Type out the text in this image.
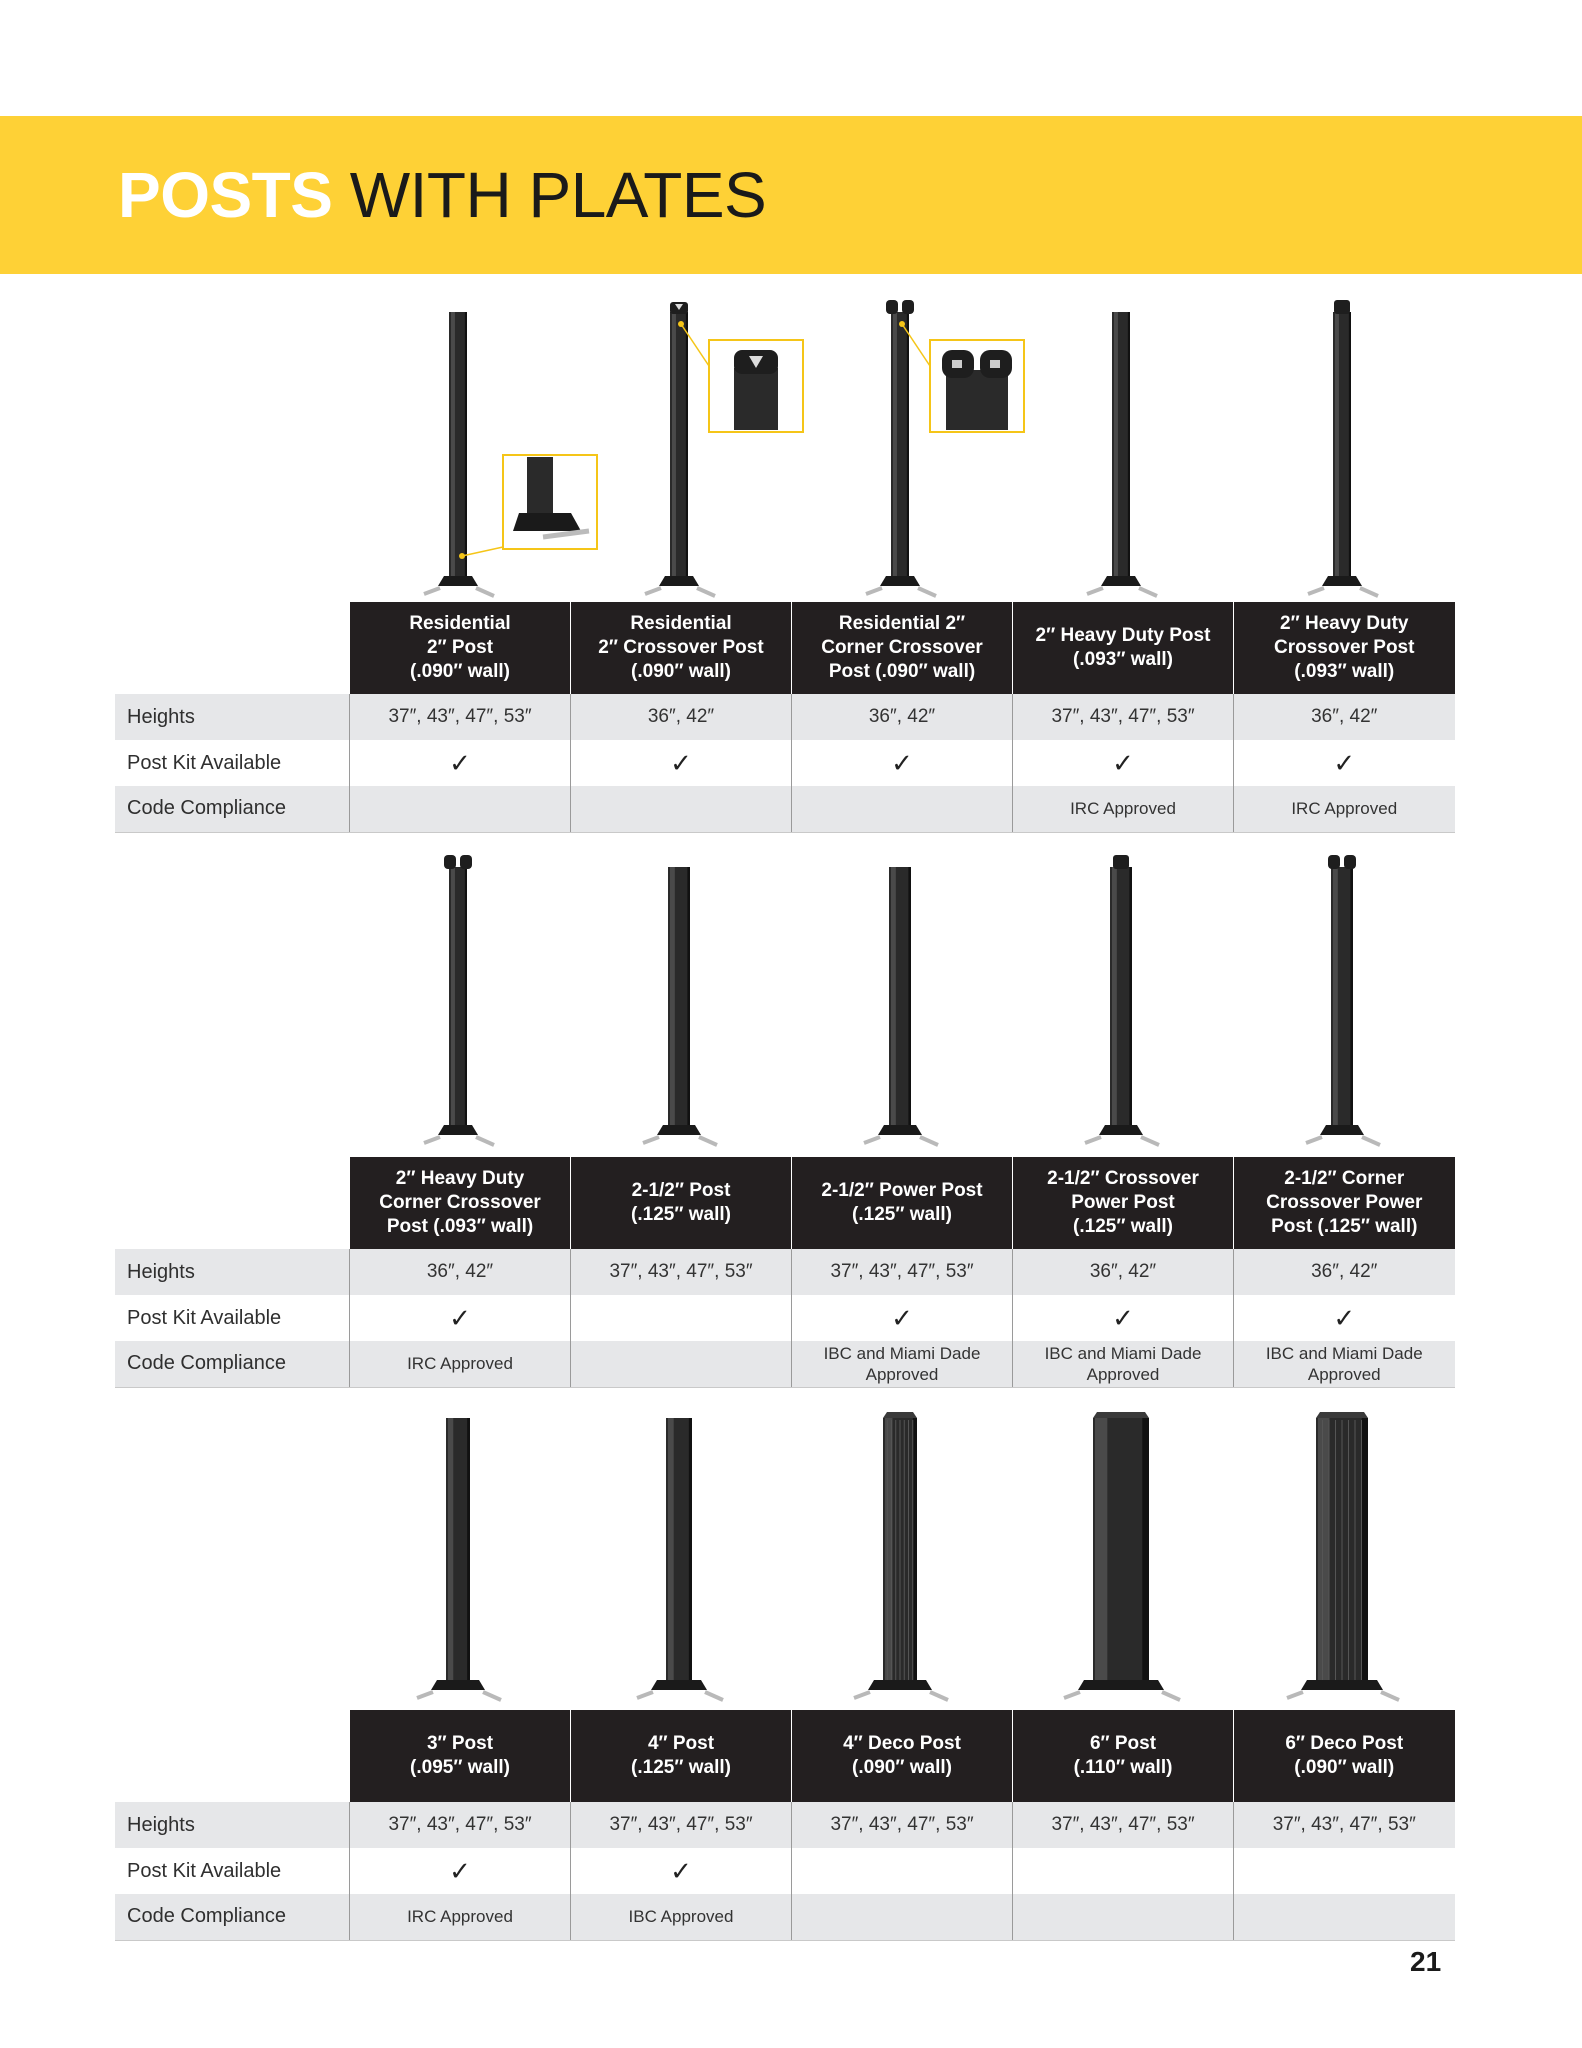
POSTS WITH PLATES
	Residential
2″ Post
(.090″ wall)	Residential
2″ Crossover Post
(.090″ wall)	Residential 2″
Corner Crossover
Post (.090″ wall)	2″ Heavy Duty Post
(.093″ wall)	2″ Heavy Duty
Crossover Post
(.093″ wall)
Heights	37″, 43″, 47″, 53″	36″, 42″	36″, 42″	37″, 43″, 47″, 53″	36″, 42″
Post Kit Available	✓	✓	✓	✓	✓
Code Compliance				IRC Approved	IRC Approved
	2″ Heavy Duty
Corner Crossover
Post (.093″ wall)	2-1/2″ Post
(.125″ wall)	2-1/2″ Power Post
(.125″ wall)	2-1/2″ Crossover
Power Post
(.125″ wall)	2-1/2″ Corner
Crossover Power
Post (.125″ wall)
Heights	36″, 42″	37″, 43″, 47″, 53″	37″, 43″, 47″, 53″	36″, 42″	36″, 42″
Post Kit Available	✓		✓	✓	✓
Code Compliance	IRC Approved		IBC and Miami Dade
Approved	IBC and Miami Dade
Approved	IBC and Miami Dade
Approved
	3″ Post
(.095″ wall)	4″ Post
(.125″ wall)	4″ Deco Post
(.090″ wall)	6″ Post
(.110″ wall)	6″ Deco Post
(.090″ wall)
Heights	37″, 43″, 47″, 53″	37″, 43″, 47″, 53″	37″, 43″, 47″, 53″	37″, 43″, 47″, 53″	37″, 43″, 47″, 53″
Post Kit Available	✓	✓			
Code Compliance	IRC Approved	IBC Approved			
21
